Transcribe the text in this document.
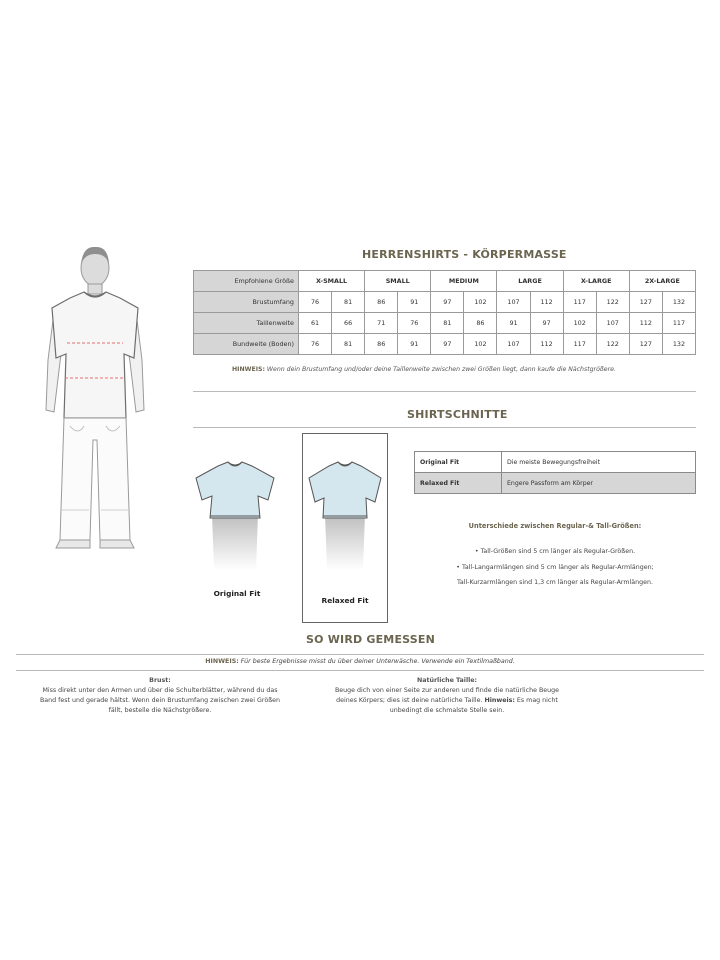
HERRENSHIRTS - KÖRPERMASSE
Empfohlene Größe	X-SMALL		SMALL		MEDIUM		LARGE		X-LARGE		2X-LARGE	
Brustumfang	76	81	86	91	97	102	107	112	117	122	127	132
Taillenweite	61	66	71	76	81	86	91	97	102	107	112	117
Bundweite (Boden)	76	81	86	91	97	102	107	112	117	122	127	132
HINWEIS: Wenn dein Brustumfang und/oder deine Taillenweite zwischen zwei Größen liegt, dann kaufe die Nächstgrößere.
SHIRTSCHNITTE
Original Fit
Relaxed Fit
Original Fit	Die meiste Bewegungsfreiheit
Relaxed Fit	Engere Passform am Körper
Unterschiede zwischen Regular-& Tall-Größen:
• Tall-Größen sind 5 cm länger als Regular-Größen.
• Tall-Langarmlängen sind 5 cm länger als Regular-Armlängen;
Tall-Kurzarmlängen sind 1,3 cm länger als Regular-Armlängen.
SO WIRD GEMESSEN
HINWEIS: Für beste Ergebnisse misst du über deiner Unterwäsche. Verwende ein Textilmaßband.
Brust:
Miss direkt unter den Armen und über die Schulterblätter, während du das
Band fest und gerade hältst. Wenn dein Brustumfang zwischen zwei Größen
fällt, bestelle die Nächstgrößere.
Natürliche Taille:
Beuge dich von einer Seite zur anderen und finde die natürliche Beuge
deines Körpers; dies ist deine natürliche Taille. Hinweis: Es mag nicht
unbedingt die schmalste Stelle sein.
